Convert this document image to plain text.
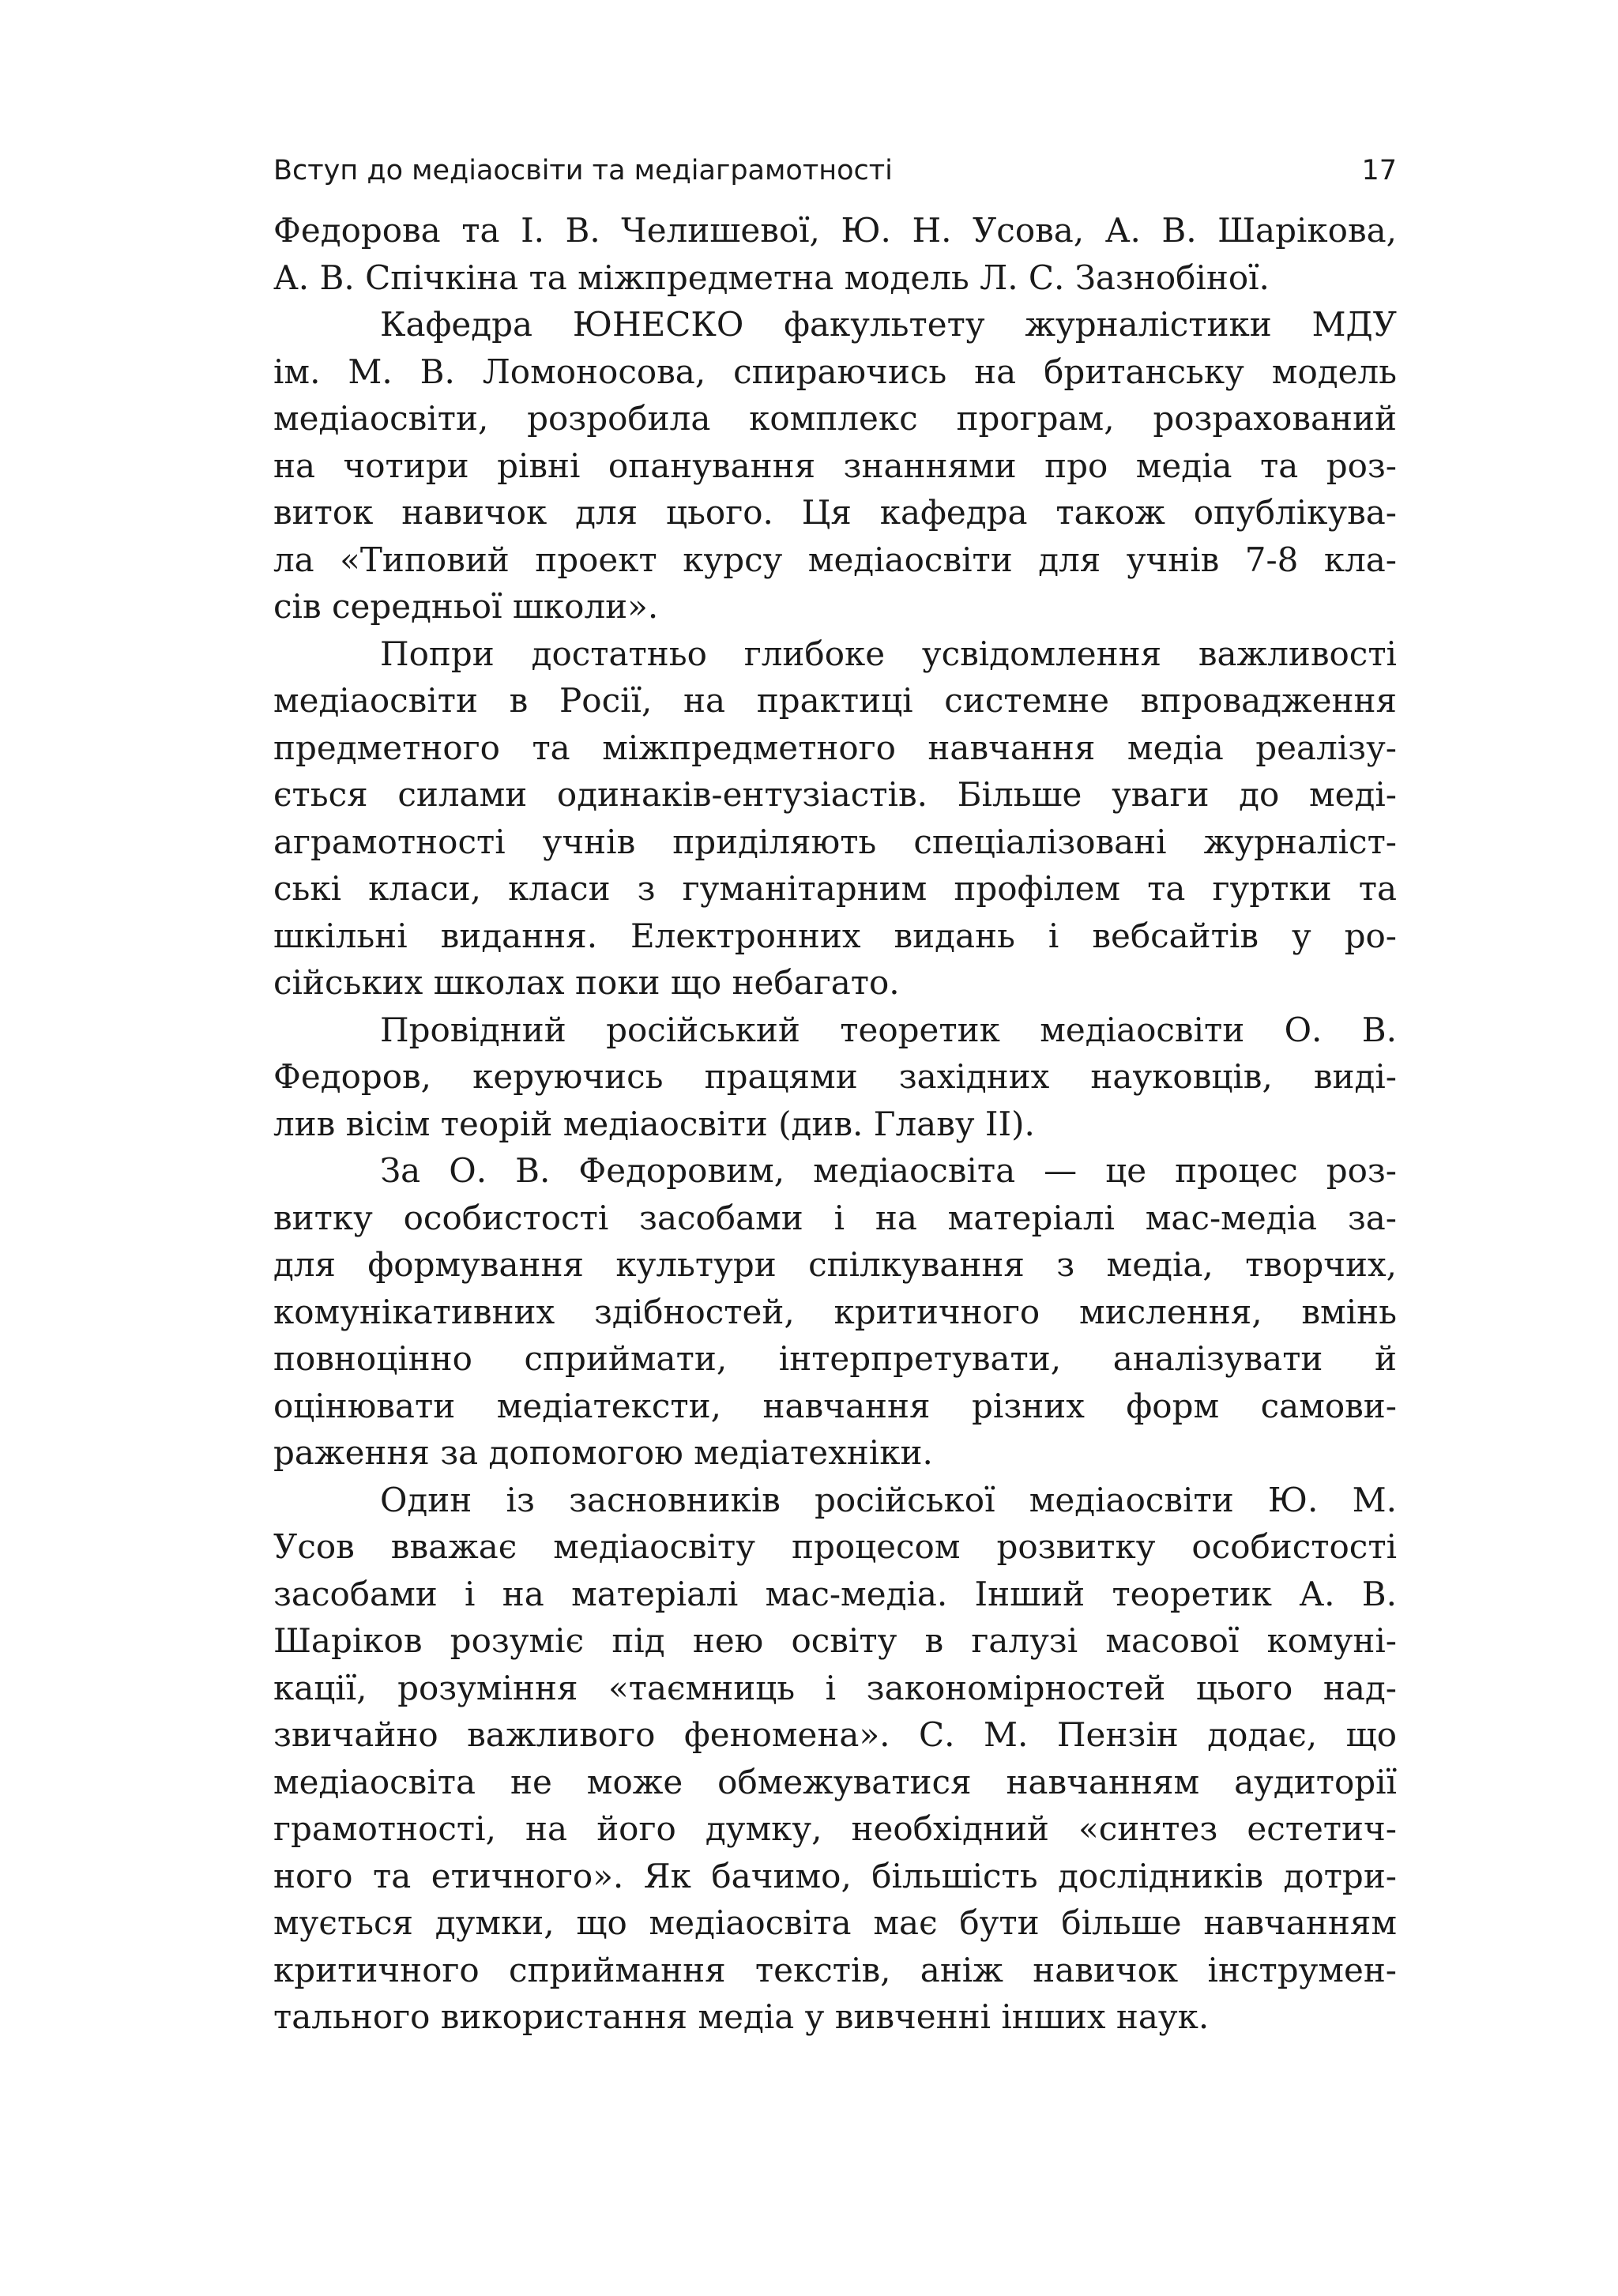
Вступ до медіаосвіти та медіаграмотності	17

Федорова та І. В. Челишевої, Ю. Н. Усова, А. В. Шарікова,
А. В. Спічкіна та міжпредметна модель Л. С. Зазнобіної.

Кафедра ЮНЕСКО факультету журналістики МДУ
ім. М. В. Ломоносова, спираючись на британську модель
медіаосвіти, розробила комплекс програм, розрахований
на чотири рівні опанування знаннями про медіа та роз-
виток навичок для цього. Ця кафедра також опублікува-
ла «Типовий проект курсу медіаосвіти для учнів 7-8 кла-
сів середньої школи».

Попри достатньо глибоке усвідомлення важливості
медіаосвіти в Росії, на практиці системне впровадження
предметного та міжпредметного навчання медіа реалізу-
ється силами одинаків-ентузіастів. Більше уваги до меді-
аграмотності учнів приділяють спеціалізовані журналіст-
ські класи, класи з гуманітарним профілем та гуртки та
шкільні видання. Електронних видань і вебсайтів у ро-
сійських школах поки що небагато.

Провідний російський теоретик медіаосвіти О. В.
Федоров, керуючись працями західних науковців, виді-
лив вісім теорій медіаосвіти (див. Главу ІІ).

За О. В. Федоровим, медіаосвіта — це процес роз-
витку особистості засобами і на матеріалі мас-медіа за-
для формування культури спілкування з медіа, творчих,
комунікативних здібностей, критичного мислення, вмінь
повноцінно сприймати, інтерпретувати, аналізувати й
оцінювати медіатексти, навчання різних форм самови-
раження за допомогою медіатехніки.

Один із засновників російської медіаосвіти Ю. М.
Усов вважає медіаосвіту процесом розвитку особистості
засобами і на матеріалі мас-медіа. Інший теоретик А. В.
Шаріков розуміє під нею освіту в галузі масової комуні-
кації, розуміння «таємниць і закономірностей цього над-
звичайно важливого феномена». С. М. Пензін додає, що
медіаосвіта не може обмежуватися навчанням аудиторії
грамотності, на його думку, необхідний «синтез естетич-
ного та етичного». Як бачимо, більшість дослідників дотри-
мується думки, що медіаосвіта має бути більше навчанням
критичного сприймання текстів, аніж навичок інструмен-
тального використання медіа у вивченні інших наук.
